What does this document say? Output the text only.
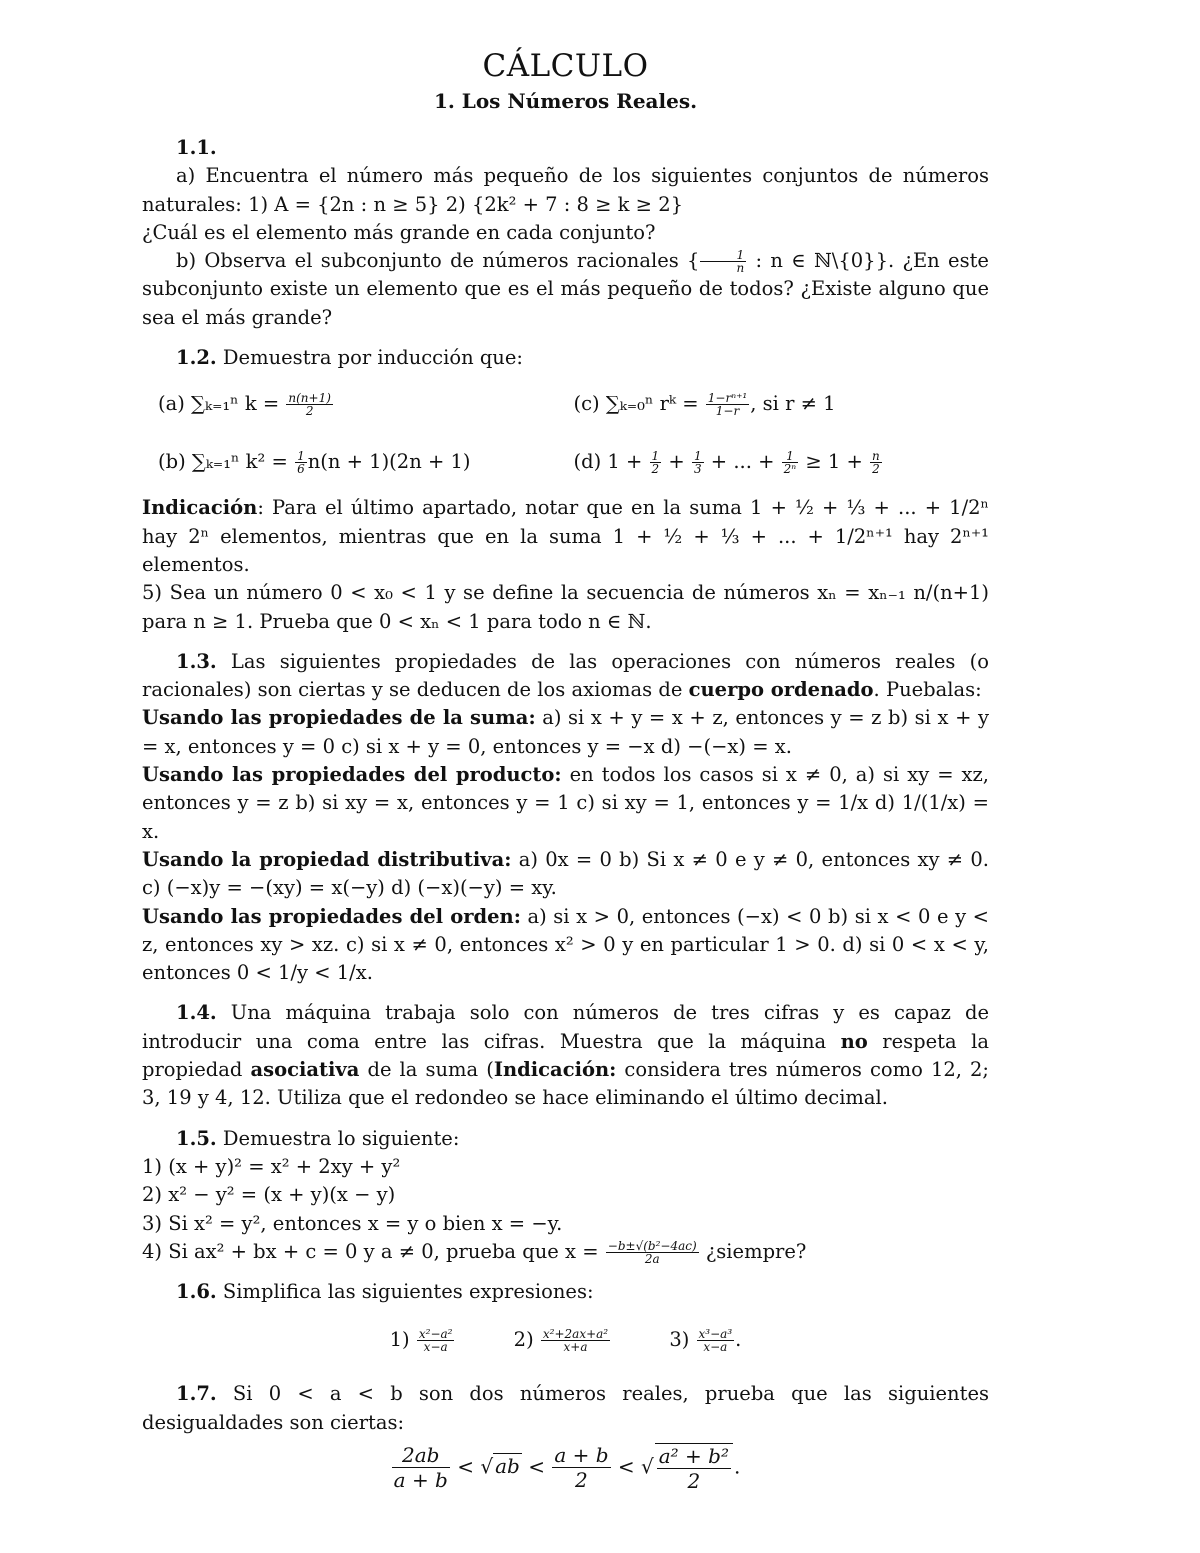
CÁLCULO
1. Los Números Reales.

1.1.

a) Encuentra el número más pequeño de los siguientes conjuntos de números naturales: 1) A = {2n : n ≥ 5} 2) {2k² + 7 : 8 ≥ k ≥ 2}

¿Cuál es el elemento más grande en cada conjunto?

b) Observa el subconjunto de números racionales { $\frac{1}{n}$ : n ∈ ℕ\{0}}. ¿En este subconjunto existe un elemento que es el más pequeño de todos? ¿Existe alguno que sea el más grande?

1.2. Demuestra por inducción que:

(a) ∑ₖ₌₁ⁿ $k = \frac{n(n+1)}{2}$	(c) ∑ₖ₌₀ⁿ rᵏ = $\frac{\text{1−rⁿ⁺¹}}{1-r}$ , si r ≠ 1
(b) ∑ₖ₌₁ⁿ $k^2 = \frac{1}{6} n(n + 1)(2n + 1)$	(d) $1 + \frac{1}{2} + \frac{1}{3}$ + ... + $\frac{1}{\text{2ⁿ}} \ge 1 + \frac{n}{2}$

Indicación: Para el último apartado, notar que en la suma 1 + ½ + ⅓ + ... + 1/2ⁿ hay 2ⁿ elementos, mientras que en la suma 1 + ½ + ⅓ + ... + 1/2ⁿ⁺¹ hay 2ⁿ⁺¹ elementos.

5) Sea un número 0 < x₀ < 1 y se define la secuencia de números xₙ = xₙ₋₁ n/(n+1) para n ≥ 1. Prueba que 0 < xₙ < 1 para todo n ∈ ℕ.

1.3. Las siguientes propiedades de las operaciones con números reales (o racionales) son ciertas y se deducen de los axiomas de cuerpo ordenado. Puebalas:

Usando las propiedades de la suma: a) si x + y = x + z, entonces y = z b) si x + y = x, entonces y = 0 c) si x + y = 0, entonces y = −x d) −(−x) = x.

Usando las propiedades del producto: en todos los casos si x ≠ 0, a) si xy = xz, entonces y = z b) si xy = x, entonces y = 1 c) si xy = 1, entonces y = 1/x d) 1/(1/x) = x.

Usando la propiedad distributiva: a) 0x = 0 b) Si x ≠ 0 e y ≠ 0, entonces xy ≠ 0. c) (−x)y = −(xy) = x(−y) d) (−x)(−y) = xy.

Usando las propiedades del orden: a) si x > 0, entonces (−x) < 0 b) si x < 0 e y < z, entonces xy > xz. c) si x ≠ 0, entonces x² > 0 y en particular 1 > 0. d) si 0 < x < y, entonces 0 < 1/y < 1/x.

1.4. Una máquina trabaja solo con números de tres cifras y es capaz de introducir una coma entre las cifras. Muestra que la máquina no respeta la propiedad asociativa de la suma (Indicación: considera tres números como 12, 2; 3, 19 y 4, 12. Utiliza que el redondeo se hace eliminando el último decimal.

1.5. Demuestra lo siguiente:

1) (x + y)² = x² + 2xy + y²

2) x² − y² = (x + y)(x − y)

3) Si x² = y², entonces x = y o bien x = −y.

4) Si ax² + bx + c = 0 y a ≠ 0, prueba que $x = \frac{\text{−b±√(b²−4ac)}}{2a}$ ¿siempre?

1.6. Simplifica las siguientes expresiones:

$1) \frac{\text{x²−a²}}{x-a}$	$2) \frac{\text{x²+2ax+a²}}{x+a}$	$3) \frac{\text{x³−a³}}{x-a}$ .

1.7. Si 0 < a < b son dos números reales, prueba que las siguientes desigualdades son ciertas:

$\frac{2ab}{a + b}$ < √ ab < $\frac{a + b}{2}$ < √ $\frac{\text{a² + b²}}{2}$ .
